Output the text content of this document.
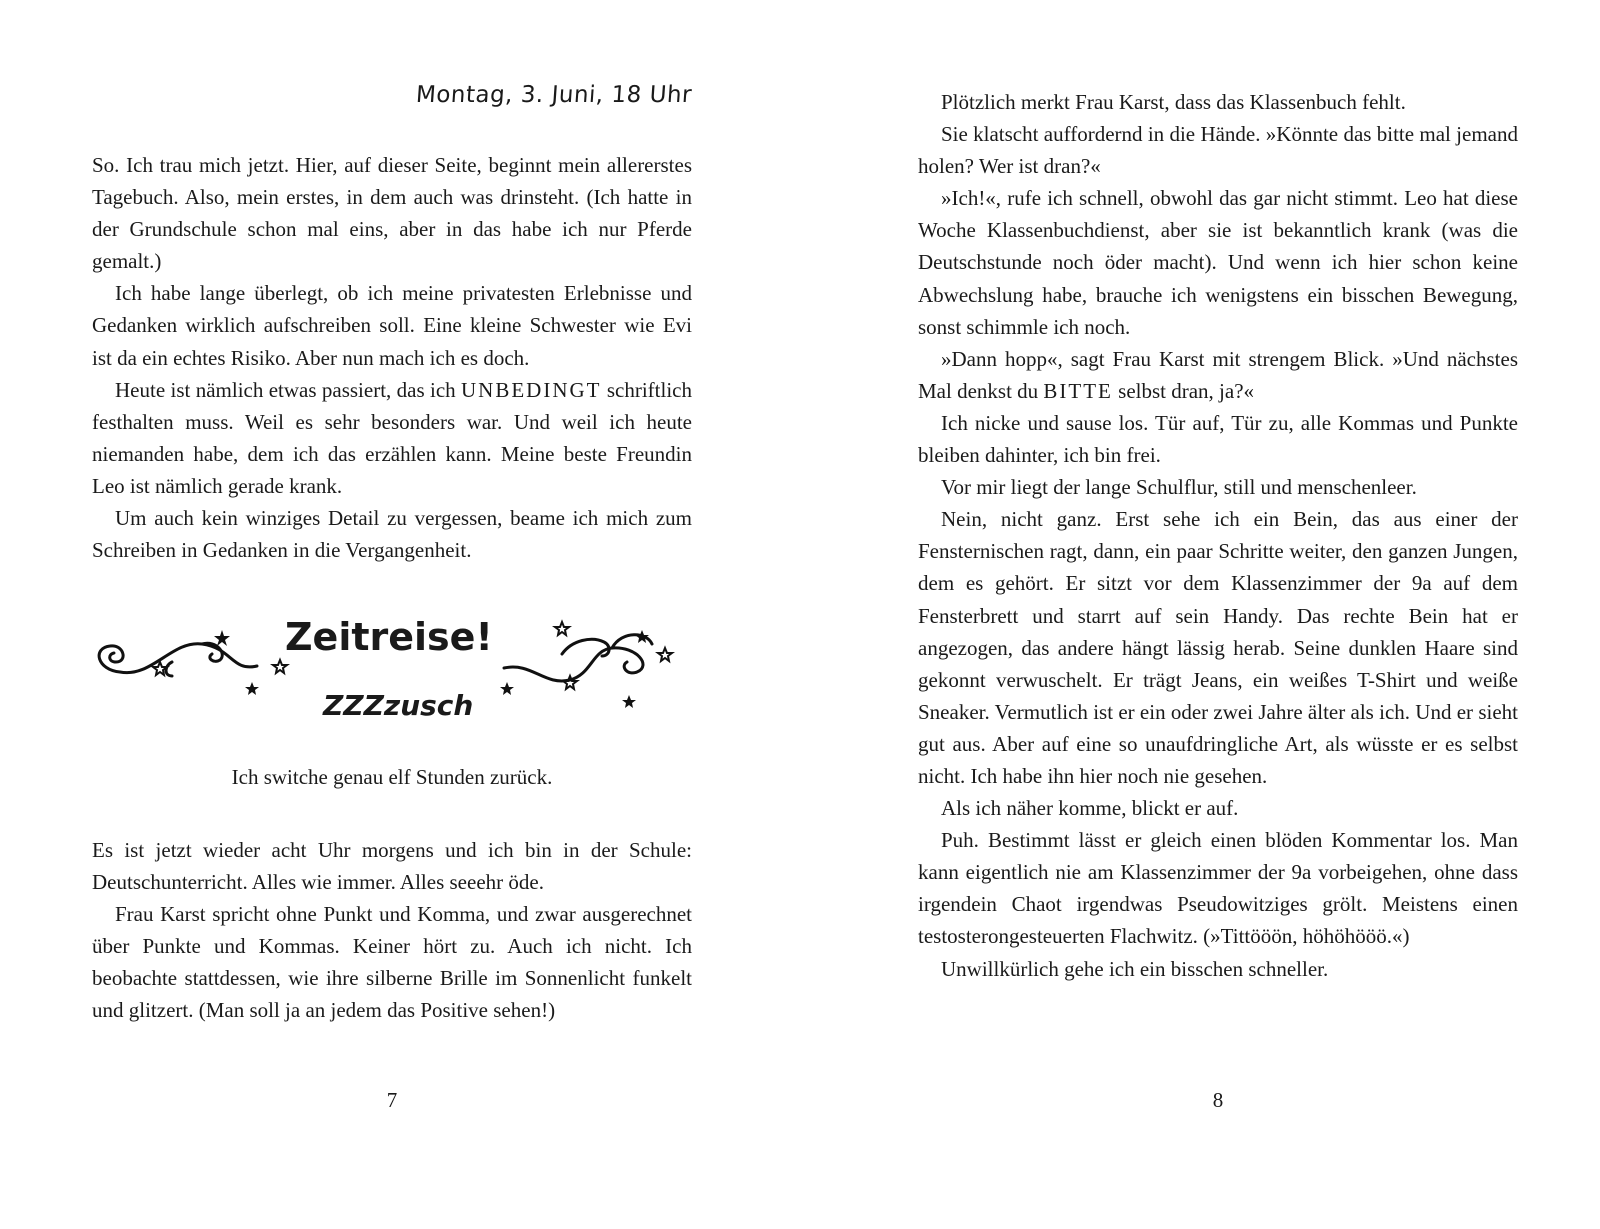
Montag, 3. Juni, 18 Uhr

So. Ich trau mich jetzt. Hier, auf dieser Seite, beginnt mein allererstes Tagebuch. Also, mein erstes, in dem auch was drinsteht. (Ich hatte in der Grundschule schon mal eins, aber in das habe ich nur Pferde gemalt.)

Ich habe lange überlegt, ob ich meine privatesten Erlebnisse und Gedanken wirklich aufschreiben soll. Eine kleine Schwester wie Evi ist da ein echtes Risiko. Aber nun mach ich es doch.

Heute ist nämlich etwas passiert, das ich UNBEDINGT schriftlich festhalten muss. Weil es sehr besonders war. Und weil ich heute niemanden habe, dem ich das erzählen kann. Meine beste Freundin Leo ist nämlich gerade krank.

Um auch kein winziges Detail zu vergessen, beame ich mich zum Schreiben in Gedanken in die Vergangenheit.

Zeitreise!
ZZZzusch
Ich switche genau elf Stunden zurück.

Es ist jetzt wieder acht Uhr morgens und ich bin in der Schule: Deutschunterricht. Alles wie immer. Alles seeehr öde.

Frau Karst spricht ohne Punkt und Komma, und zwar ausgerechnet über Punkte und Kommas. Keiner hört zu. Auch ich nicht. Ich beobachte stattdessen, wie ihre silberne Brille im Sonnenlicht funkelt und glitzert. (Man soll ja an jedem das Positive sehen!)

7

Plötzlich merkt Frau Karst, dass das Klassenbuch fehlt.

Sie klatscht auffordernd in die Hände. »Könnte das bitte mal jemand holen? Wer ist dran?«

»Ich!«, rufe ich schnell, obwohl das gar nicht stimmt. Leo hat diese Woche Klassenbuchdienst, aber sie ist bekanntlich krank (was die Deutschstunde noch öder macht). Und wenn ich hier schon keine Abwechslung habe, brauche ich wenigstens ein bisschen Bewegung, sonst schimmle ich noch.

»Dann hopp«, sagt Frau Karst mit strengem Blick. »Und nächstes Mal denkst du BITTE selbst dran, ja?«

Ich nicke und sause los. Tür auf, Tür zu, alle Kommas und Punkte bleiben dahinter, ich bin frei.

Vor mir liegt der lange Schulflur, still und menschenleer.

Nein, nicht ganz. Erst sehe ich ein Bein, das aus einer der Fensternischen ragt, dann, ein paar Schritte weiter, den ganzen Jungen, dem es gehört. Er sitzt vor dem Klassenzimmer der 9a auf dem Fensterbrett und starrt auf sein Handy. Das rechte Bein hat er angezogen, das andere hängt lässig herab. Seine dunklen Haare sind gekonnt verwuschelt. Er trägt Jeans, ein weißes T-Shirt und weiße Sneaker. Vermutlich ist er ein oder zwei Jahre älter als ich. Und er sieht gut aus. Aber auf eine so unaufdringliche Art, als wüsste er es selbst nicht. Ich habe ihn hier noch nie gesehen.

Als ich näher komme, blickt er auf.

Puh. Bestimmt lässt er gleich einen blöden Kommentar los. Man kann eigentlich nie am Klassenzimmer der 9a vorbeigehen, ohne dass irgendein Chaot irgendwas Pseudowitziges grölt. Meistens einen testosterongesteuerten Flachwitz. (»Tittööön, höhöhööö.«)

Unwillkürlich gehe ich ein bisschen schneller.

8
